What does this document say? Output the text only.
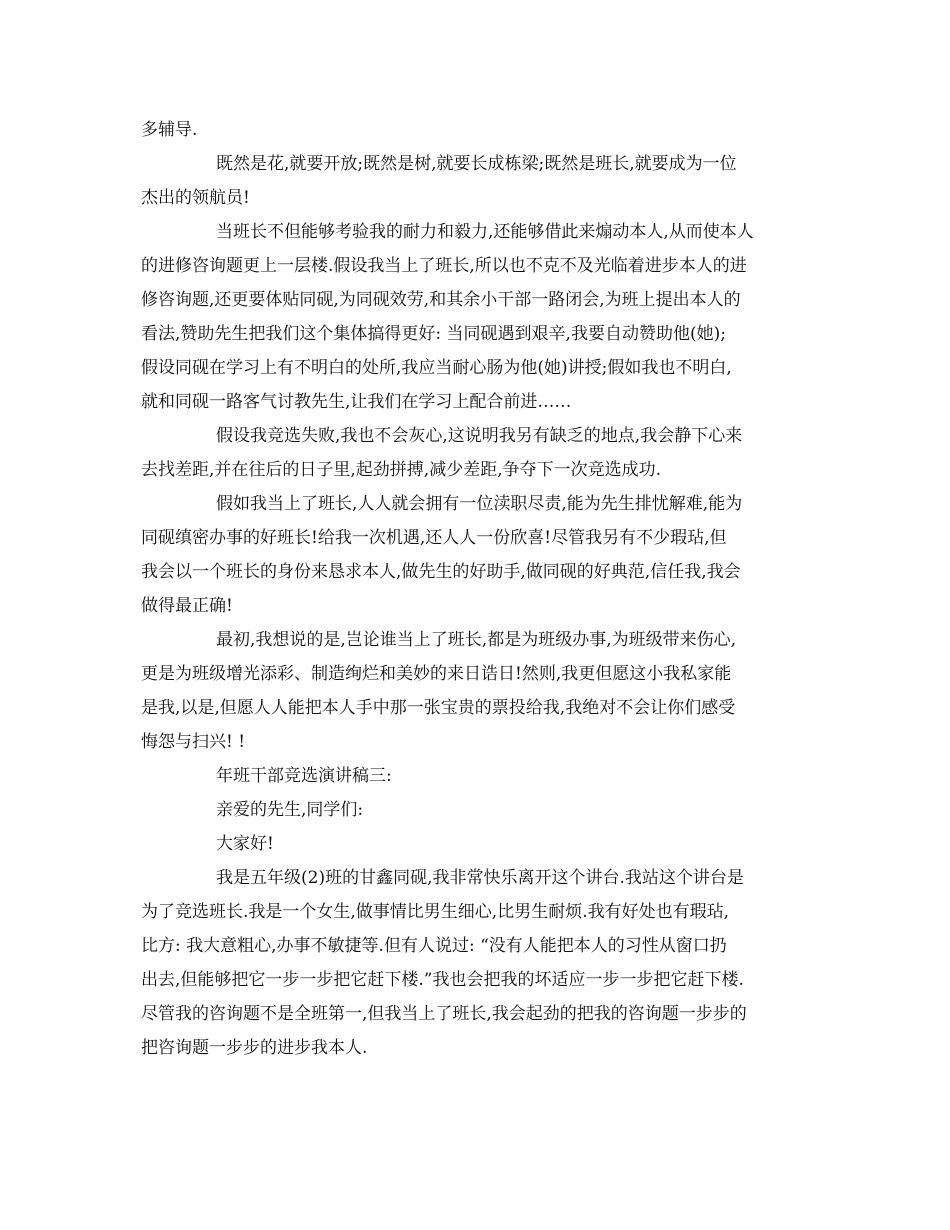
多辅导.
既然是花,就要开放;既然是树,就要长成栋梁;既然是班长,就要成为一位
杰出的领航员!
当班长不但能够考验我的耐力和毅力,还能够借此来煽动本人,从而使本人
的进修咨询题更上一层楼.假设我当上了班长,所以也不克不及光临着进步本人的进
修咨询题,还更要体贴同砚,为同砚效劳,和其余小干部一路闭会,为班上提出本人的
看法,赞助先生把我们这个集体搞得更好: 当同砚遇到艰辛,我要自动赞助他(她);
假设同砚在学习上有不明白的处所,我应当耐心肠为他(她)讲授;假如我也不明白,
就和同砚一路客气讨教先生,让我们在学习上配合前进……
假设我竞选失败,我也不会灰心,这说明我另有缺乏的地点,我会静下心来
去找差距,并在往后的日子里,起劲拼搏,减少差距,争夺下一次竞选成功.
假如我当上了班长,人人就会拥有一位渎职尽责,能为先生排忧解难,能为
同砚缜密办事的好班长!给我一次机遇,还人人一份欣喜!尽管我另有不少瑕玷,但
我会以一个班长的身份来恳求本人,做先生的好助手,做同砚的好典范,信任我,我会
做得最正确!
最初,我想说的是,岂论谁当上了班长,都是为班级办事,为班级带来伤心,
更是为班级增光添彩、制造绚烂和美妙的来日诰日!然则,我更但愿这小我私家能
是我,以是,但愿人人能把本人手中那一张宝贵的票投给我,我绝对不会让你们感受
悔怨与扫兴! !
年班干部竞选演讲稿三:
亲爱的先生,同学们:
大家好!
我是五年级(2)班的甘鑫同砚,我非常快乐离开这个讲台.我站这个讲台是
为了竞选班长.我是一个女生,做事情比男生细心,比男生耐烦.我有好处也有瑕玷,
比方: 我大意粗心,办事不敏捷等.但有人说过: “没有人能把本人的习性从窗口扔
出去,但能够把它一步一步把它赶下楼.”我也会把我的坏适应一步一步把它赶下楼.
尽管我的咨询题不是全班第一,但我当上了班长,我会起劲的把我的咨询题一步步的
把咨询题一步步的进步我本人.
